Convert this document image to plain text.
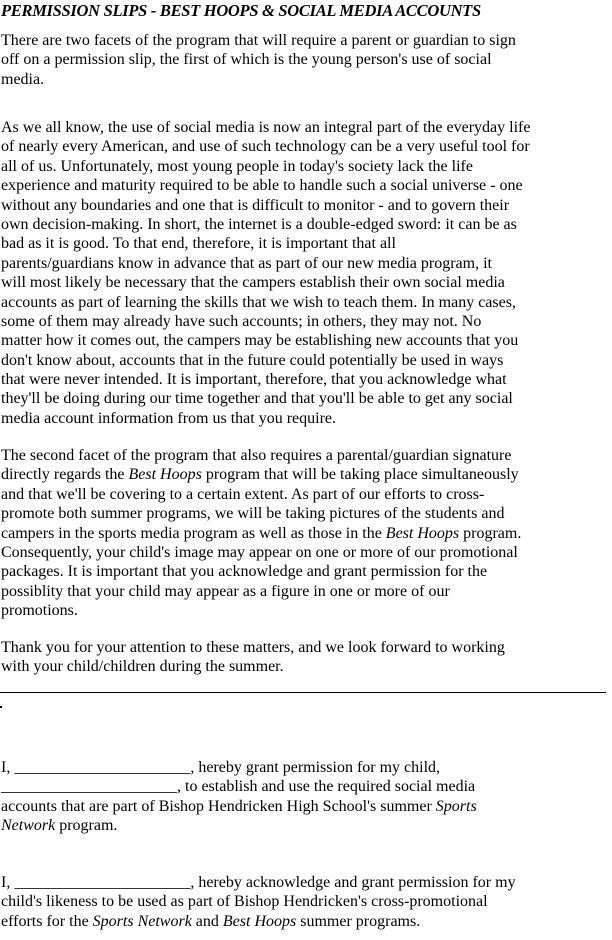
PERMISSION SLIPS - BEST HOOPS & SOCIAL MEDIA ACCOUNTS
There are two facets of the program that will require a parent or guardian to sign
off on a permission slip, the first of which is the young person's use of social
media.
As we all know, the use of social media is now an integral part of the everyday life
of nearly every American, and use of such technology can be a very useful tool for
all of us. Unfortunately, most young people in today's society lack the life
experience and maturity required to be able to handle such a social universe - one
without any boundaries and one that is difficult to monitor - and to govern their
own decision-making. In short, the internet is a double-edged sword: it can be as
bad as it is good. To that end, therefore, it is important that all
parents/guardians know in advance that as part of our new media program, it
will most likely be necessary that the campers establish their own social media
accounts as part of learning the skills that we wish to teach them. In many cases,
some of them may already have such accounts; in others, they may not. No
matter how it comes out, the campers may be establishing new accounts that you
don't know about, accounts that in the future could potentially be used in ways
that were never intended. It is important, therefore, that you acknowledge what
they'll be doing during our time together and that you'll be able to get any social
media account information from us that you require.
The second facet of the program that also requires a parental/guardian signature
directly regards the Best Hoops program that will be taking place simultaneously
and that we'll be covering to a certain extent. As part of our efforts to cross-
promote both summer programs, we will be taking pictures of the students and
campers in the sports media program as well as those in the Best Hoops program.
Consequently, your child's image may appear on one or more of our promotional
packages. It is important that you acknowledge and grant permission for the
possiblity that your child may appear as a figure in one or more of our
promotions.
Thank you for your attention to these matters, and we look forward to working
with your child/children during the summer.
I, ______________________, hereby grant permission for my child,
______________________, to establish and use the required social media
accounts that are part of Bishop Hendricken High School's summer Sports
Network program.
I, ______________________, hereby acknowledge and grant permission for my
child's likeness to be used as part of Bishop Hendricken's cross-promotional
efforts for the Sports Network and Best Hoops summer programs.
